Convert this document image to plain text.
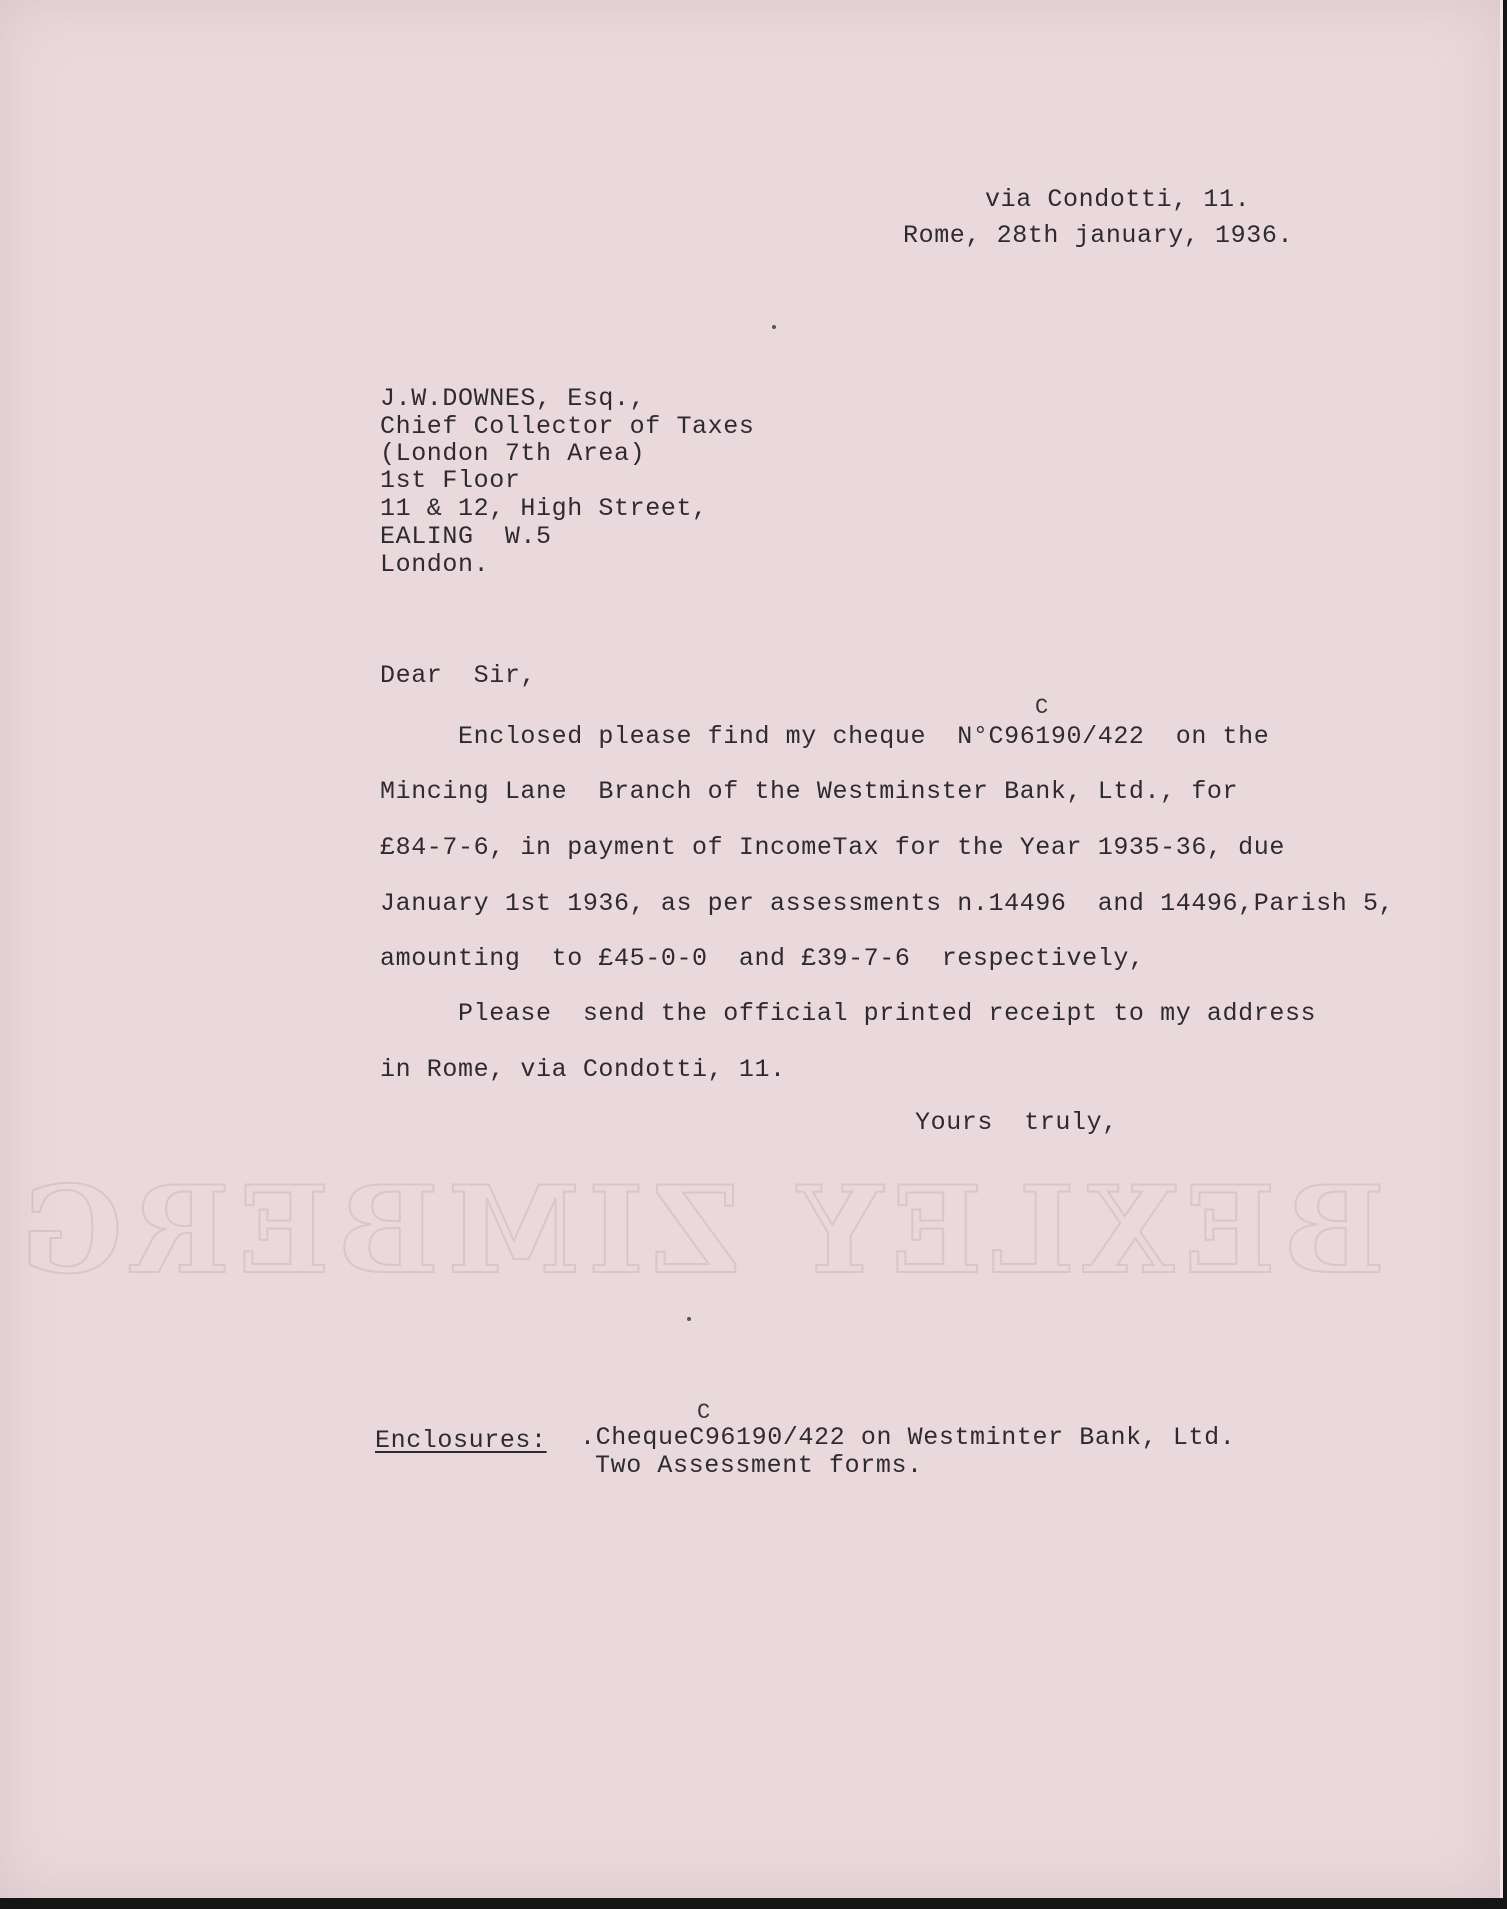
BEXLEY ZIMBERG
via Condotti, 11.
Rome, 28th january, 1936.
J.W.DOWNES, Esq.,
Chief Collector of Taxes
(London 7th Area)
1st Floor
11 & 12, High Street,
EALING  W.5
London.
Dear  Sir,
C
Enclosed please find my cheque  N°C96190/422  on the
Mincing Lane  Branch of the Westminster Bank, Ltd., for
£84-7-6, in payment of IncomeTax for the Year 1935-36, due
January 1st 1936, as per assessments n.14496  and 14496,Parish 5,
amounting  to £45-0-0  and £39-7-6  respectively,
Please  send the official printed receipt to my address
in Rome, via Condotti, 11.
Yours  truly,
C
Enclosures: .ChequeC96190/422 on Westminter Bank, Ltd.
Two Assessment forms.
